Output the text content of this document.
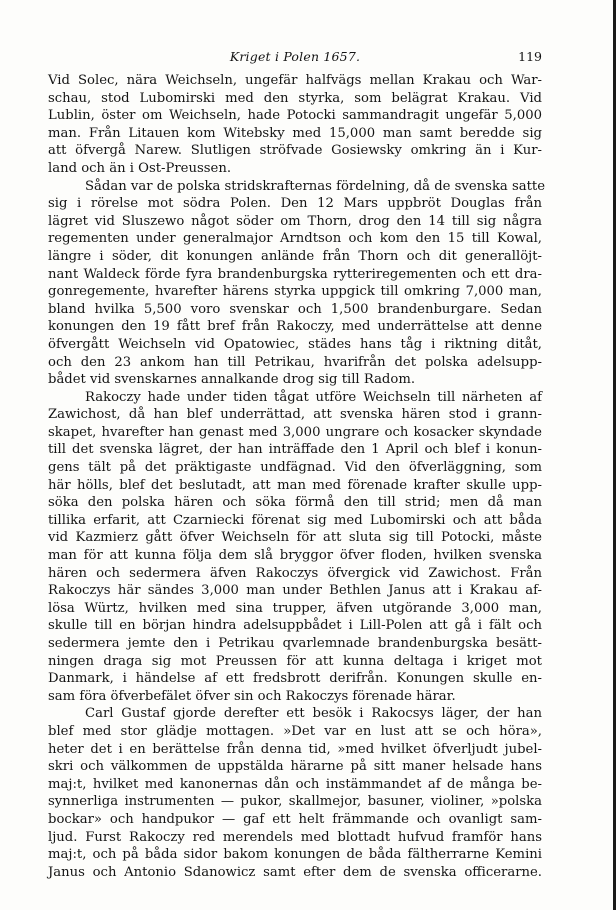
Kriget i Polen 1657.	119
Vid Solec, nära Weichseln, ungefär halfvägs mellan Krakau och War-
schau, stod Lubomirski med den styrka, som belägrat Krakau. Vid
Lublin, öster om Weichseln, hade Potocki sammandragit ungefär 5,000
man. Från Litauen kom Witebsky med 15,000 man samt beredde sig
att öfvergå Narew. Slutligen ströfvade Gosiewsky omkring än i Kur-
land och än i Ost-Preussen.
Sådan var de polska stridskrafternas fördelning, då de svenska satte
sig i rörelse mot södra Polen. Den 12 Mars uppbröt Douglas från
lägret vid Sluszewo något söder om Thorn, drog den 14 till sig några
regementen under generalmajor Arndtson och kom den 15 till Kowal,
längre i söder, dit konungen anlände från Thorn och dit generallöjt-
nant Waldeck förde fyra brandenburgska rytteriregementen och ett dra-
gonregemente, hvarefter härens styrka uppgick till omkring 7,000 man,
bland hvilka 5,500 voro svenskar och 1,500 brandenburgare. Sedan
konungen den 19 fått bref från Rakoczy, med underrättelse att denne
öfvergått Weichseln vid Opatowiec, städes hans tåg i riktning ditåt,
och den 23 ankom han till Petrikau, hvarifrån det polska adelsupp-
bådet vid svenskarnes annalkande drog sig till Radom.
Rakoczy hade under tiden tågat utföre Weichseln till närheten af
Zawichost, då han blef underrättad, att svenska hären stod i grann-
skapet, hvarefter han genast med 3,000 ungrare och kosacker skyndade
till det svenska lägret, der han inträffade den 1 April och blef i konun-
gens tält på det präktigaste undfägnad. Vid den öfverläggning, som
här hölls, blef det beslutadt, att man med förenade krafter skulle upp-
söka den polska hären och söka förmå den till strid; men då man
tillika erfarit, att Czarniecki förenat sig med Lubomirski och att båda
vid Kazmierz gått öfver Weichseln för att sluta sig till Potocki, måste
man för att kunna följa dem slå bryggor öfver floden, hvilken svenska
hären och sedermera äfven Rakoczys öfvergick vid Zawichost. Från
Rakoczys här sändes 3,000 man under Bethlen Janus att i Krakau af-
lösa Würtz, hvilken med sina trupper, äfven utgörande 3,000 man,
skulle till en början hindra adelsuppbådet i Lill-Polen att gå i fält och
sedermera jemte den i Petrikau qvarlemnade brandenburgska besätt-
ningen draga sig mot Preussen för att kunna deltaga i kriget mot
Danmark, i händelse af ett fredsbrott derifrån. Konungen skulle en-
sam föra öfverbefälet öfver sin och Rakoczys förenade härar.
Carl Gustaf gjorde derefter ett besök i Rakocsys läger, der han
blef med stor glädje mottagen. »Det var en lust att se och höra»,
heter det i en berättelse från denna tid, »med hvilket öfverljudt jubel-
skri och välkommen de uppstälda härarne på sitt maner helsade hans
maj:t, hvilket med kanonernas dån och instämmandet af de många be-
synnerliga instrumenten — pukor, skallmejor, basuner, violiner, »polska
bockar» och handpukor — gaf ett helt främmande och ovanligt sam-
ljud. Furst Rakoczy red merendels med blottadt hufvud framför hans
maj:t, och på båda sidor bakom konungen de båda fältherrarne Kemini
Janus och Antonio Sdanowicz samt efter dem de svenska officerarne.
